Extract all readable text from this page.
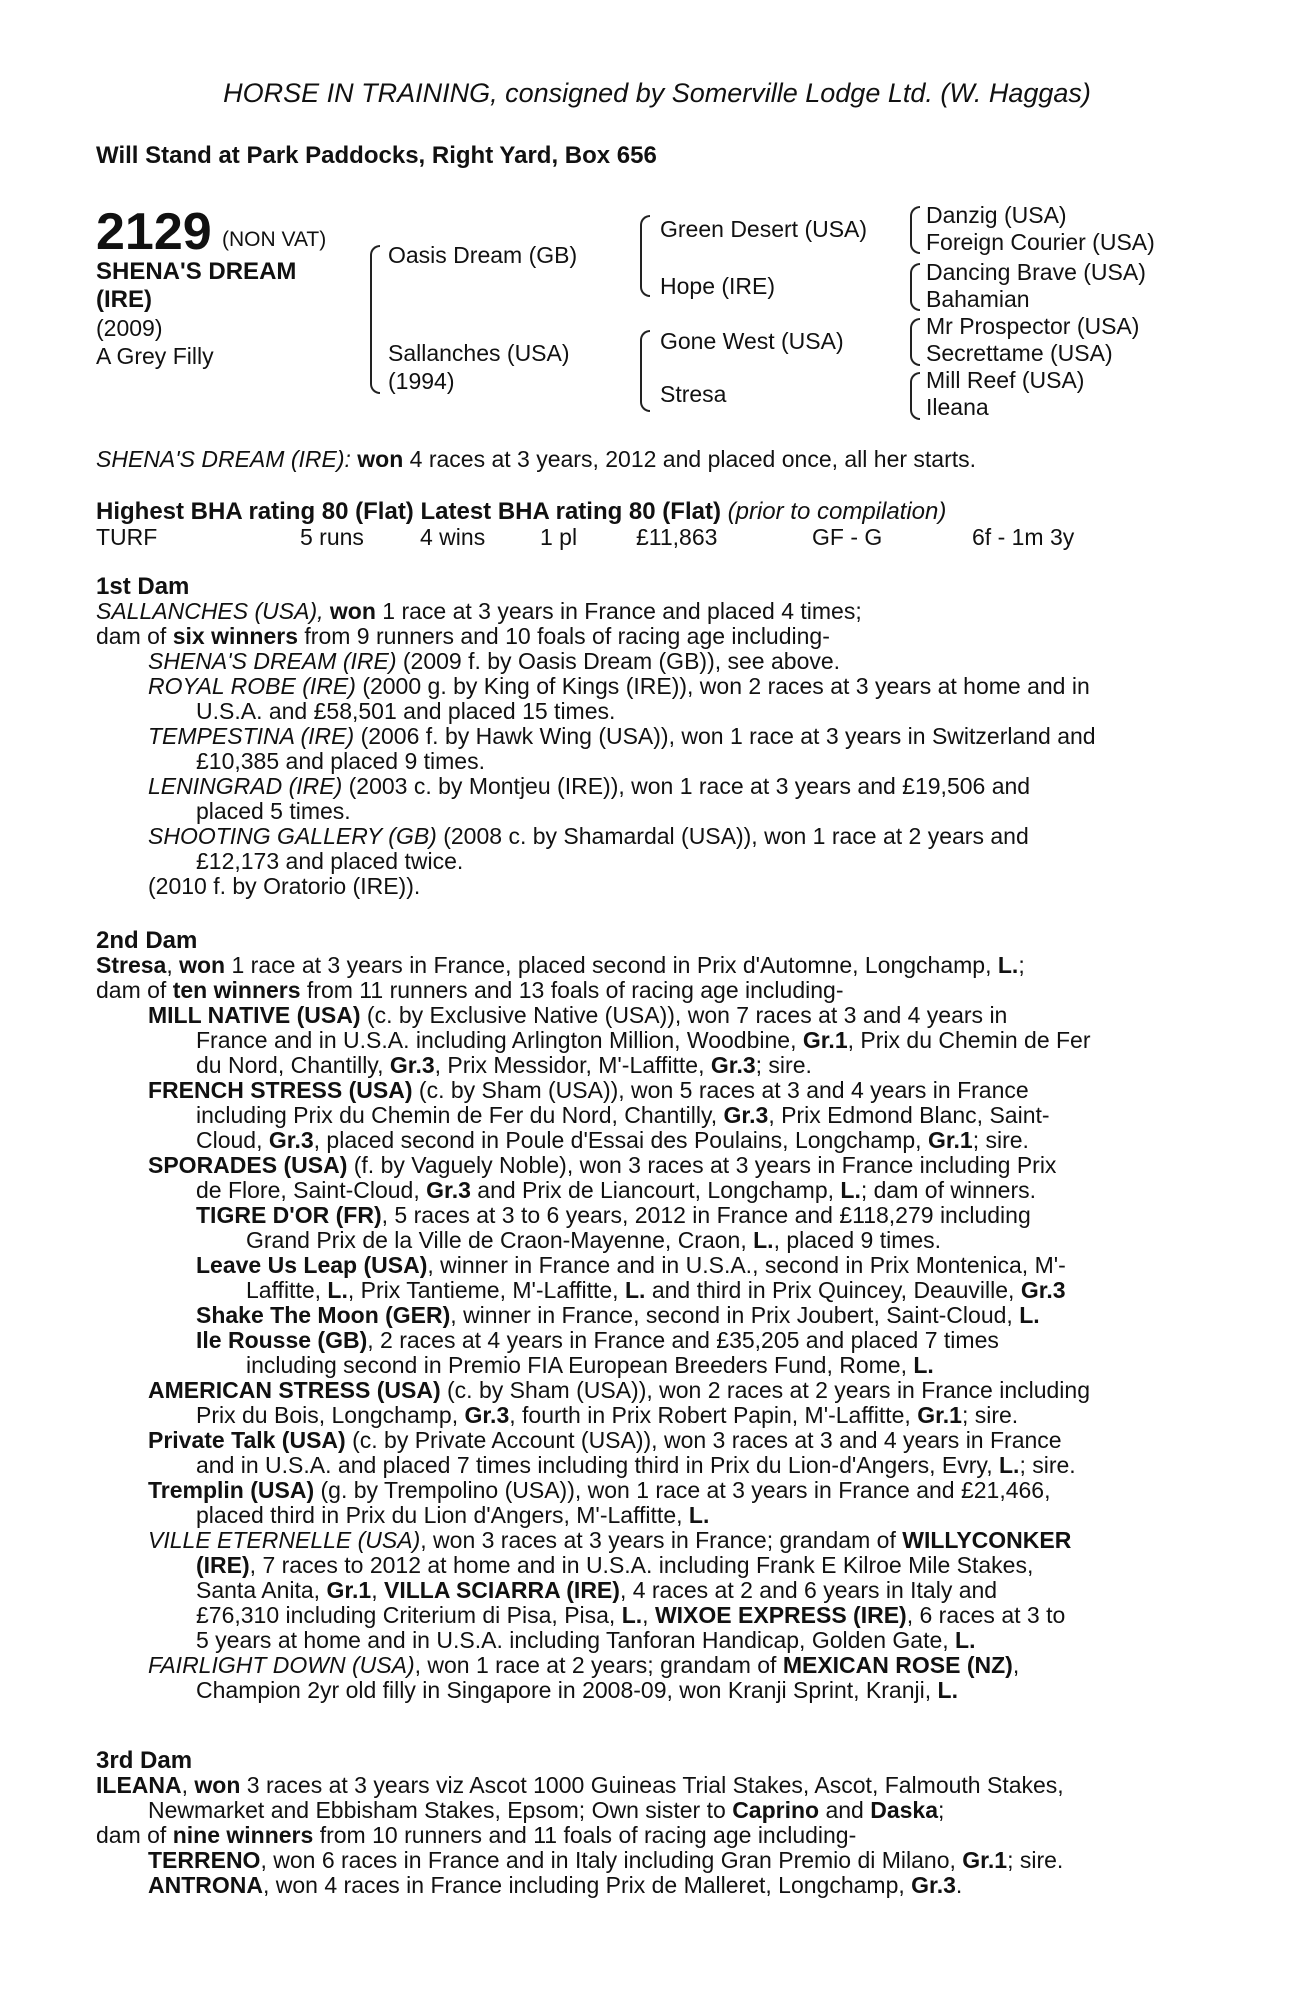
HORSE IN TRAINING, consigned by Somerville Lodge Ltd. (W. Haggas)
Will Stand at Park Paddocks, Right Yard, Box 656
2129 (NON VAT)
SHENA'S DREAM
(IRE)
(2009)
A Grey Filly
Oasis Dream (GB)
Sallanches (USA)
(1994)
Green Desert (USA)
Hope (IRE)
Gone West (USA)
Stresa
Danzig (USA)
Foreign Courier (USA)
Dancing Brave (USA)
Bahamian
Mr Prospector (USA)
Secrettame (USA)
Mill Reef (USA)
Ileana
SHENA'S DREAM (IRE): won 4 races at 3 years, 2012 and placed once, all her starts.
Highest BHA rating 80 (Flat) Latest BHA rating 80 (Flat) (prior to compilation)
TURF	5 runs 4 wins 1 pl	£11,863	GF - G	6f - 1m 3y
1st Dam
SALLANCHES (USA), won 1 race at 3 years in France and placed 4 times;
dam of six winners from 9 runners and 10 foals of racing age including-
SHENA'S DREAM (IRE) (2009 f. by Oasis Dream (GB)), see above.
ROYAL ROBE (IRE) (2000 g. by King of Kings (IRE)), won 2 races at 3 years at home and in
U.S.A. and £58,501 and placed 15 times.
TEMPESTINA (IRE) (2006 f. by Hawk Wing (USA)), won 1 race at 3 years in Switzerland and
£10,385 and placed 9 times.
LENINGRAD (IRE) (2003 c. by Montjeu (IRE)), won 1 race at 3 years and £19,506 and
placed 5 times.
SHOOTING GALLERY (GB) (2008 c. by Shamardal (USA)), won 1 race at 2 years and
£12,173 and placed twice.
(2010 f. by Oratorio (IRE)).
2nd Dam
Stresa, won 1 race at 3 years in France, placed second in Prix d'Automne, Longchamp, L.;
dam of ten winners from 11 runners and 13 foals of racing age including-
MILL NATIVE (USA) (c. by Exclusive Native (USA)), won 7 races at 3 and 4 years in
France and in U.S.A. including Arlington Million, Woodbine, Gr.1, Prix du Chemin de Fer
du Nord, Chantilly, Gr.3, Prix Messidor, M'-Laffitte, Gr.3; sire.
FRENCH STRESS (USA) (c. by Sham (USA)), won 5 races at 3 and 4 years in France
including Prix du Chemin de Fer du Nord, Chantilly, Gr.3, Prix Edmond Blanc, Saint-
Cloud, Gr.3, placed second in Poule d'Essai des Poulains, Longchamp, Gr.1; sire.
SPORADES (USA) (f. by Vaguely Noble), won 3 races at 3 years in France including Prix
de Flore, Saint-Cloud, Gr.3 and Prix de Liancourt, Longchamp, L.; dam of winners.
TIGRE D'OR (FR), 5 races at 3 to 6 years, 2012 in France and £118,279 including
Grand Prix de la Ville de Craon-Mayenne, Craon, L., placed 9 times.
Leave Us Leap (USA), winner in France and in U.S.A., second in Prix Montenica, M'-
Laffitte, L., Prix Tantieme, M'-Laffitte, L. and third in Prix Quincey, Deauville, Gr.3
Shake The Moon (GER), winner in France, second in Prix Joubert, Saint-Cloud, L.
Ile Rousse (GB), 2 races at 4 years in France and £35,205 and placed 7 times
including second in Premio FIA European Breeders Fund, Rome, L.
AMERICAN STRESS (USA) (c. by Sham (USA)), won 2 races at 2 years in France including
Prix du Bois, Longchamp, Gr.3, fourth in Prix Robert Papin, M'-Laffitte, Gr.1; sire.
Private Talk (USA) (c. by Private Account (USA)), won 3 races at 3 and 4 years in France
and in U.S.A. and placed 7 times including third in Prix du Lion-d'Angers, Evry, L.; sire.
Tremplin (USA) (g. by Trempolino (USA)), won 1 race at 3 years in France and £21,466,
placed third in Prix du Lion d'Angers, M'-Laffitte, L.
VILLE ETERNELLE (USA), won 3 races at 3 years in France; grandam of WILLYCONKER
(IRE), 7 races to 2012 at home and in U.S.A. including Frank E Kilroe Mile Stakes,
Santa Anita, Gr.1, VILLA SCIARRA (IRE), 4 races at 2 and 6 years in Italy and
£76,310 including Criterium di Pisa, Pisa, L., WIXOE EXPRESS (IRE), 6 races at 3 to
5 years at home and in U.S.A. including Tanforan Handicap, Golden Gate, L.
FAIRLIGHT DOWN (USA), won 1 race at 2 years; grandam of MEXICAN ROSE (NZ),
Champion 2yr old filly in Singapore in 2008-09, won Kranji Sprint, Kranji, L.
3rd Dam
ILEANA, won 3 races at 3 years viz Ascot 1000 Guineas Trial Stakes, Ascot, Falmouth Stakes,
Newmarket and Ebbisham Stakes, Epsom; Own sister to Caprino and Daska;
dam of nine winners from 10 runners and 11 foals of racing age including-
TERRENO, won 6 races in France and in Italy including Gran Premio di Milano, Gr.1; sire.
ANTRONA, won 4 races in France including Prix de Malleret, Longchamp, Gr.3.
